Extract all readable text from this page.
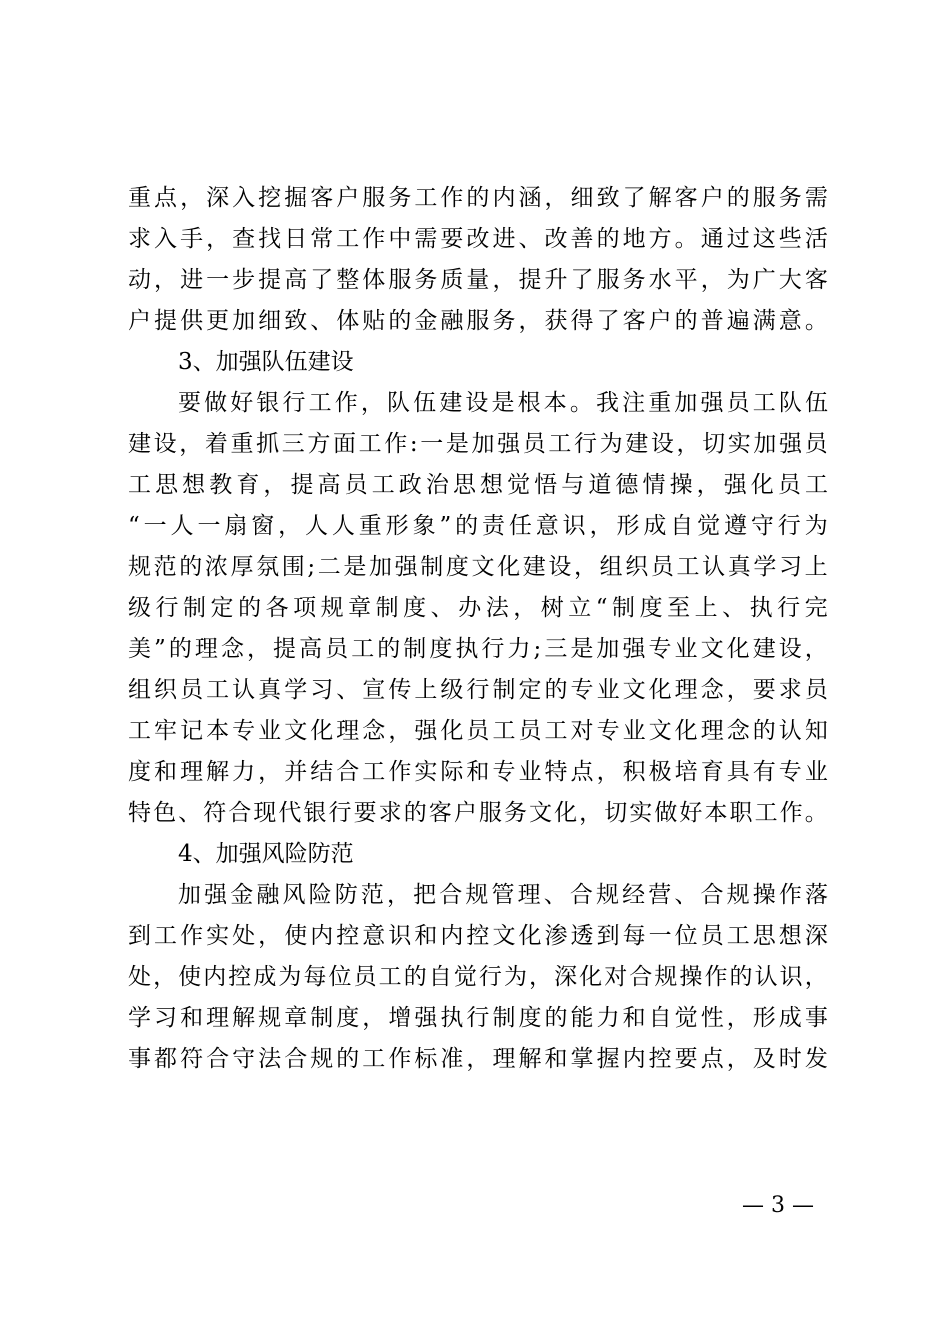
重 点 ， 深 入 挖 掘 客 户 服 务 工 作 的 内 涵 ， 细 致 了 解 客 户 的 服 务 需
求 入 手 ， 查 找 日 常 工 作 中 需 要 改 进 、 改 善 的 地 方 。 通 过 这 些 活
动 ， 进 一 步 提 高 了 整 体 服 务 质 量 ， 提 升 了 服 务 水 平 ， 为 广 大 客
户 提 供 更 加 细 致 、 体 贴 的 金 融 服 务 ， 获 得 了 客 户 的 普 遍 满 意 。
3、加强队伍建设
要 做 好 银 行 工 作 ， 队 伍 建 设 是 根 本 。 我 注 重 加 强 员 工 队 伍
建 设 ， 着 重 抓 三 方 面 工 作 : 一 是 加 强 员 工 行 为 建 设 ， 切 实 加 强 员
工 思 想 教 育 ， 提 高 员 工 政 治 思 想 觉 悟 与 道 德 情 操 ， 强 化 员 工
“ 一 人 一 扇 窗 ， 人 人 重 形 象 ” 的 责 任 意 识 ， 形 成 自 觉 遵 守 行 为
规 范 的 浓 厚 氛 围 ; 二 是 加 强 制 度 文 化 建 设 ， 组 织 员 工 认 真 学 习 上
级 行 制 定 的 各 项 规 章 制 度 、 办 法 ， 树 立 “ 制 度 至 上 、 执 行 完
美 ” 的 理 念 ， 提 高 员 工 的 制 度 执 行 力 ; 三 是 加 强 专 业 文 化 建 设 ，
组 织 员 工 认 真 学 习 、 宣 传 上 级 行 制 定 的 专 业 文 化 理 念 ， 要 求 员
工 牢 记 本 专 业 文 化 理 念 ， 强 化 员 工 员 工 对 专 业 文 化 理 念 的 认 知
度 和 理 解 力 ， 并 结 合 工 作 实 际 和 专 业 特 点 ， 积 极 培 育 具 有 专 业
特 色 、 符 合 现 代 银 行 要 求 的 客 户 服 务 文 化 ， 切 实 做 好 本 职 工 作 。
4、加强风险防范
加 强 金 融 风 险 防 范 ， 把 合 规 管 理 、 合 规 经 营 、 合 规 操 作 落
到 工 作 实 处 ， 使 内 控 意 识 和 内 控 文 化 渗 透 到 每 一 位 员 工 思 想 深
处 ， 使 内 控 成 为 每 位 员 工 的 自 觉 行 为 ， 深 化 对 合 规 操 作 的 认 识 ，
学 习 和 理 解 规 章 制 度 ， 增 强 执 行 制 度 的 能 力 和 自 觉 性 ， 形 成 事
事 都 符 合 守 法 合 规 的 工 作 标 准 ， 理 解 和 掌 握 内 控 要 点 ， 及 时 发
— 3 —
